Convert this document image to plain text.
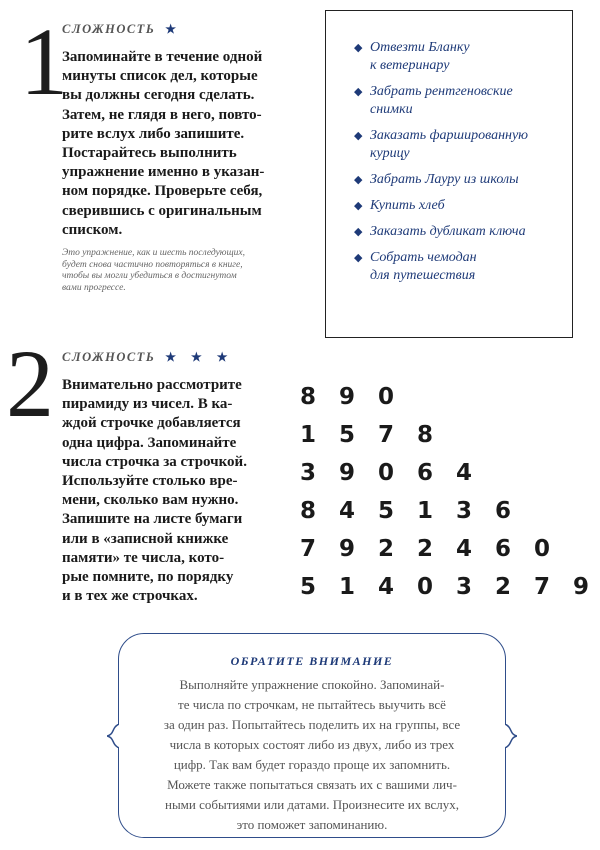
1
СЛОЖНОСТЬ ★
Запоминайте в течение одной
минуты список дел, которые
вы должны сегодня сделать.
Затем, не глядя в него, повто-
рите вслух либо запишите.
Постарайтесь выполнить
упражнение именно в указан-
ном порядке. Проверьте себя,
сверившись с оригинальным
списком.
Это упражнение, как и шесть последующих,
будет снова частично повторяться в книге,
чтобы вы могли убедиться в достигнутом
вами прогрессе.
◆ Отвезти Бланку
к ветеринару
◆ Забрать рентгеновские
снимки
◆ Заказать фаршированную
курицу
◆ Забрать Лауру из школы
◆ Купить хлеб
◆ Заказать дубликат ключа
◆ Собрать чемодан
для путешествия
2 СЛОЖНОСТЬ ★ ★ ★
Внимательно рассмотрите
пирамиду из чисел. В ка-
ждой строчке добавляется
одна цифра. Запоминайте
числа строчка за строчкой.
Используйте столько вре-
мени, сколько вам нужно.
Запишите на листе бумаги
или в «записной книжке
памяти» те числа, кото-
рые помните, по порядку
и в тех же строчках.
8 9 0
1 5 7 8
3 9 0 6 4
8 4 5 1 3 6
7 9 2 2 4 6 0
5 1 4 0 3 2 7 9
ОБРАТИТЕ ВНИМАНИЕ
Выполняйте упражнение спокойно. Запоминай-
те числа по строчкам, не пытайтесь выучить всё
за один раз. Попытайтесь поделить их на группы, все
числа в которых состоят либо из двух, либо из трех
цифр. Так вам будет гораздо проще их запомнить.
Можете также попытаться связать их с вашими лич-
ными событиями или датами. Произнесите их вслух,
это поможет запоминанию.
